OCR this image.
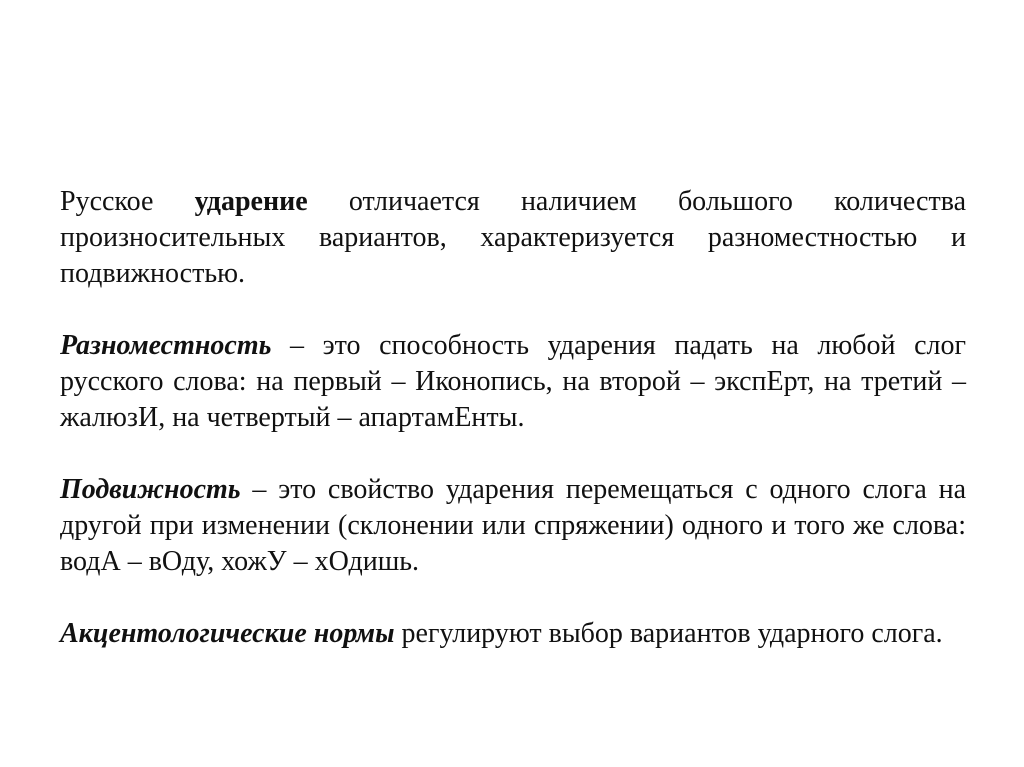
Русское ударение отличается наличием большого количества произносительных вариантов, характеризуется разноместностью и подвижностью.

Разноместность – это способность ударения падать на любой слог русского слова: на первый – Иконопись, на второй – экспЕрт, на третий – жалюзИ, на четвертый – апартамЕнты.

Подвижность – это свойство ударения перемещаться с одного слога на другой при изменении (склонении или спряжении) одного и того же слова: водА – вОду, хожУ – хОдишь.

Акцентологические нормы регулируют выбор вариантов ударного слога.
